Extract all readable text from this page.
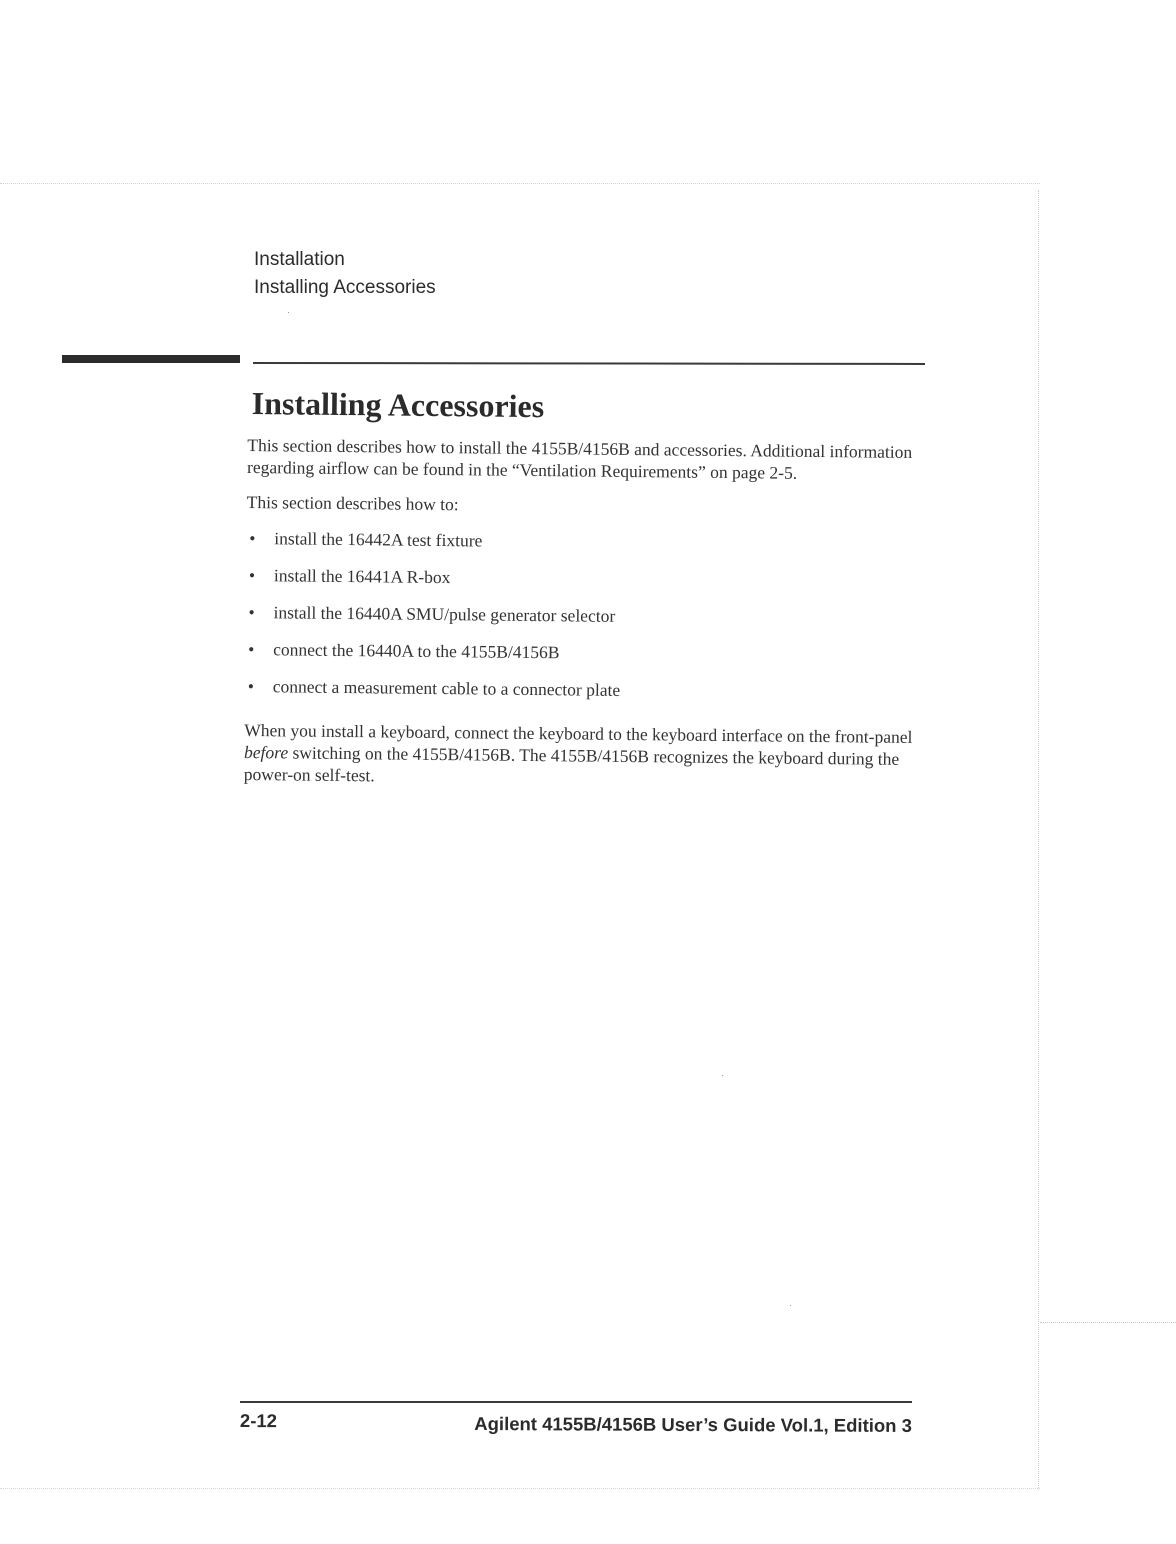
Installation
Installing Accessories
Installing Accessories

This section describes how to install the 4155B/4156B and accessories. Additional information regarding airflow can be found in the “Ventilation Requirements” on page 2-5.

This section describes how to:

• install the 16442A test fixture
• install the 16441A R-box
• install the 16440A SMU/pulse generator selector
• connect the 16440A to the 4155B/4156B
• connect a measurement cable to a connector plate

When you install a keyboard, connect the keyboard to the keyboard interface on the front-panel before switching on the 4155B/4156B. The 4155B/4156B recognizes the keyboard during the power-on self-test.

2-12	Agilent 4155B/4156B User’s Guide Vol.1, Edition 3
